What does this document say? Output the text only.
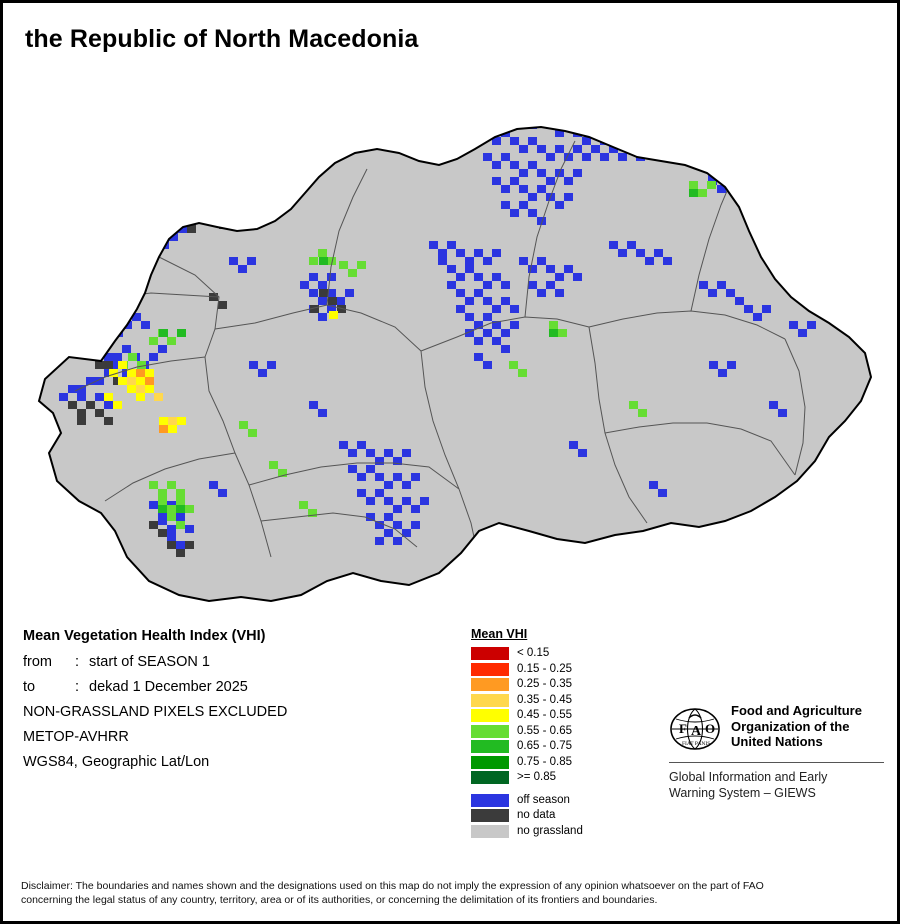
the Republic of North Macedonia
Mean Vegetation Health Index (VHI)
from : start of SEASON 1
to	: dekad 1 December 2025
NON-GRASSLAND PIXELS EXCLUDED
METOP-AVHRR
WGS84, Geographic Lat/Lon
Mean VHI
< 0.15
0.15 - 0.25
0.25 - 0.35
0.35 - 0.45
0.45 - 0.55
0.55 - 0.65
0.65 - 0.75
0.75 - 0.85
>= 0.85
off season
no data
no grassland
F A O
FIAT PANIS
Food and Agriculture
Organization of the
United Nations
Global Information and Early
Warning System – GIEWS
Disclaimer: The boundaries and names shown and the designations used on this map do not imply the expression of any opinion whatsoever on the part of FAO
concerning the legal status of any country, territory, area or of its authorities, or concerning the delimitation of its frontiers and boundaries.
